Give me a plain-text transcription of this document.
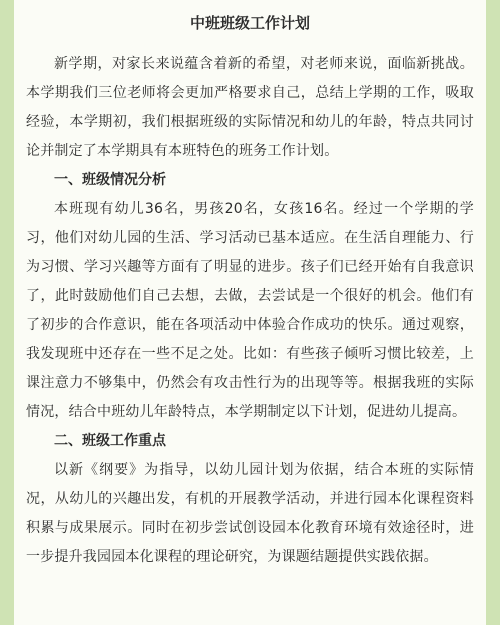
中班班级工作计划

新学期，对家长来说蕴含着新的希望，对老师来说，面临新挑战。本学期我们三位老师将会更加严格要求自己，总结上学期的工作，吸取经验，本学期初，我们根据班级的实际情况和幼儿的年龄，特点共同讨论并制定了本学期具有本班特色的班务工作计划。

一、班级情况分析

本班现有幼儿36名，男孩20名，女孩16名。经过一个学期的学习，他们对幼儿园的生活、学习活动已基本适应。在生活自理能力、行为习惯、学习兴趣等方面有了明显的进步。孩子们已经开始有自我意识了，此时鼓励他们自己去想，去做，去尝试是一个很好的机会。他们有了初步的合作意识，能在各项活动中体验合作成功的快乐。通过观察，我发现班中还存在一些不足之处。比如：有些孩子倾听习惯比较差，上课注意力不够集中，仍然会有攻击性行为的出现等等。根据我班的实际情况，结合中班幼儿年龄特点，本学期制定以下计划，促进幼儿提高。

二、班级工作重点

以新《纲要》为指导，以幼儿园计划为依据，结合本班的实际情况，从幼儿的兴趣出发，有机的开展教学活动，并进行园本化课程资料积累与成果展示。同时在初步尝试创设园本化教育环境有效途径时，进一步提升我园园本化课程的理论研究，为课题结题提供实践依据。
